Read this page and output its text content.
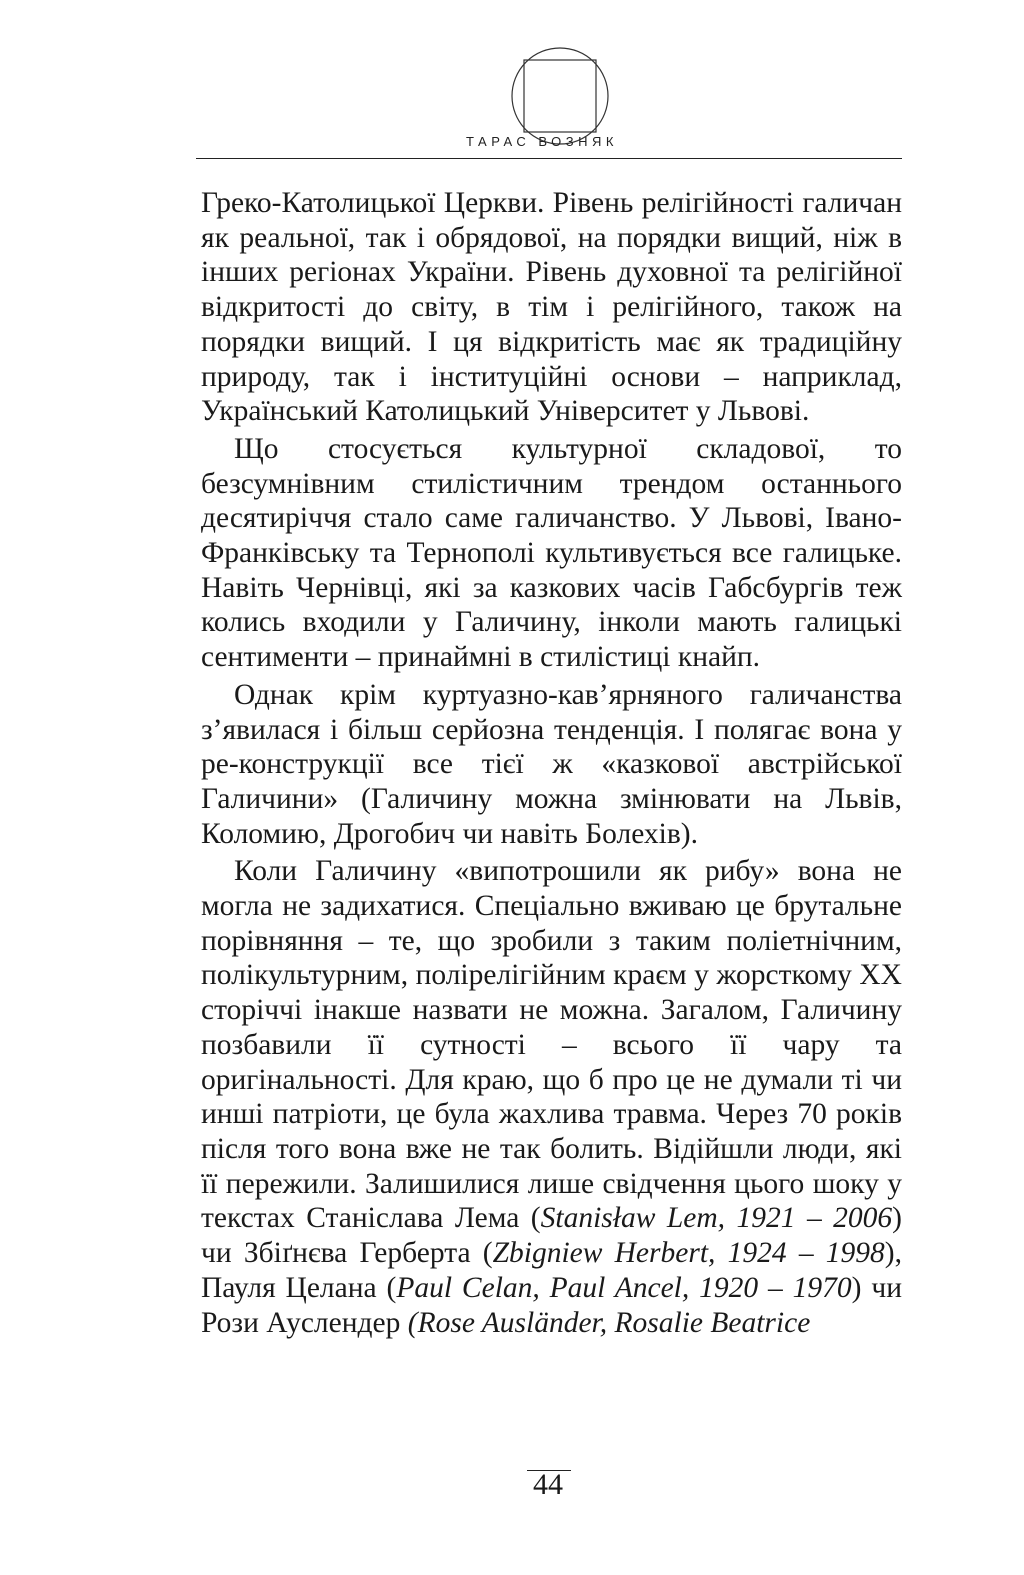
ТАРАС ВОЗНЯК

Греко-Католицької Церкви. Рівень релігійності галичан як реальної, так і обрядової, на порядки вищий, ніж в інших регіонах України. Рівень духовної та релігійної відкритості до світу, в тім і релігійного, також на порядки вищий. І ця відкритість має як традиційну природу, так і інституційні основи – наприклад, Український Католицький Університет у Львові.

Що стосується культурної складової, то безсумнівним стилістичним трендом останнього десятиріччя стало саме галичанство. У Львові, Івано-Франківську та Тернополі культивується все галицьке. Навіть Чернівці, які за казкових часів Габсбургів теж колись входили у Галичину, інколи мають галицькі сентименти – принаймні в стилістиці кнайп.

Однак крім куртуазно-кав’ярняного галичанства з’явилася і більш серйозна тенденція. І полягає вона у ре-конструкції все тієї ж «казкової австрійської Галичини» (Галичину можна змінювати на Львів, Коломию, Дрогобич чи навіть Болехів).

Коли Галичину «випотрошили як рибу» вона не могла не задихатися. Спеціально вживаю це брутальне порівняння – те, що зробили з таким поліетнічним, полікультурним, полірелігійним краєм у жорсткому ХХ сторіччі інакше назвати не можна. Загалом, Галичину позбавили її сутності – всього її чару та оригінальності. Для краю, що б про це не думали ті чи инші патріоти, це була жахлива травма. Через 70 років після того вона вже не так болить. Відійшли люди, які її пережили. Залишилися лише свідчення цього шоку у текстах Станіслава Лема (Stanisław Lem, 1921 – 2006) чи Збіґнєва Герберта (Zbigniew Herbert, 1924 – 1998), Пауля Целана (Paul Celan, Paul Ancel, 1920 – 1970) чи Рози Ауслендер (Rose Ausländer, Rosalie Beatrice

44
